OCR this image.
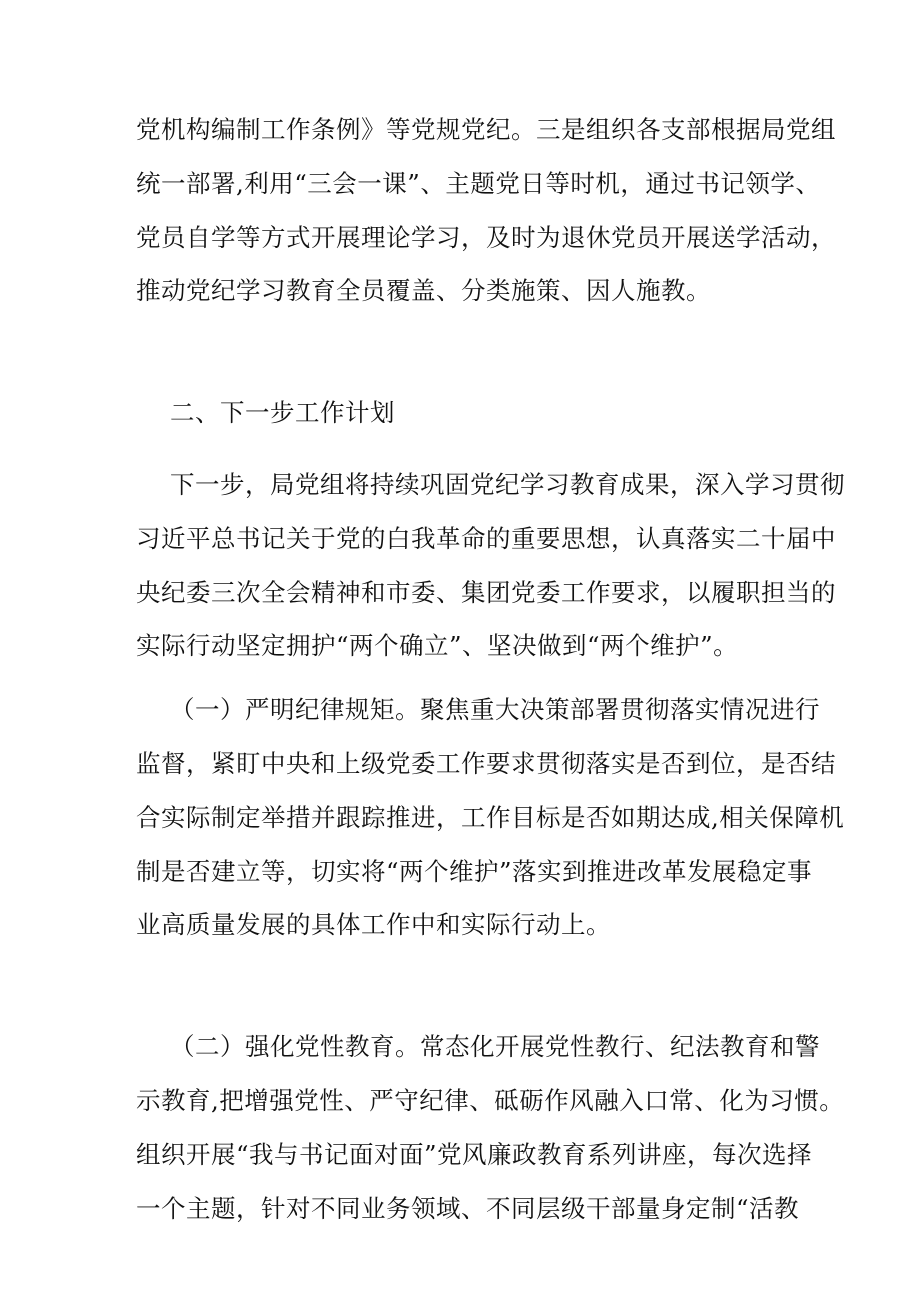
党机构编制工作条例》等党规党纪。三是组织各支部根据局党组
统一部署,利用“三会一课”、主题党日等时机，通过书记领学、
党员自学等方式开展理论学习，及时为退休党员开展送学活动，
推动党纪学习教育全员覆盖、分类施策、因人施教。
二、下一步工作计划
下一步，局党组将持续巩固党纪学习教育成果，深入学习贯彻
习近平总书记关于党的白我革命的重要思想，认真落实二十届中
央纪委三次全会精神和市委、集团党委工作要求，以履职担当的
实际行动坚定拥护“两个确立”、坚决做到“两个维护”。
（一）严明纪律规矩。聚焦重大决策部署贯彻落实情况进行
监督，紧盯中央和上级党委工作要求贯彻落实是否到位，是否结
合实际制定举措并跟踪推进，工作目标是否如期达成,相关保障机
制是否建立等，切实将“两个维护”落实到推进改革发展稳定事
业高质量发展的具体工作中和实际行动上。
（二）强化党性教育。常态化开展党性教行、纪法教育和警
示教育,把增强党性、严守纪律、砥砺作风融入口常、化为习惯。
组织开展“我与书记面对面”党风廉政教育系列讲座，每次选择
一个主题，针对不同业务领域、不同层级干部量身定制“活教
